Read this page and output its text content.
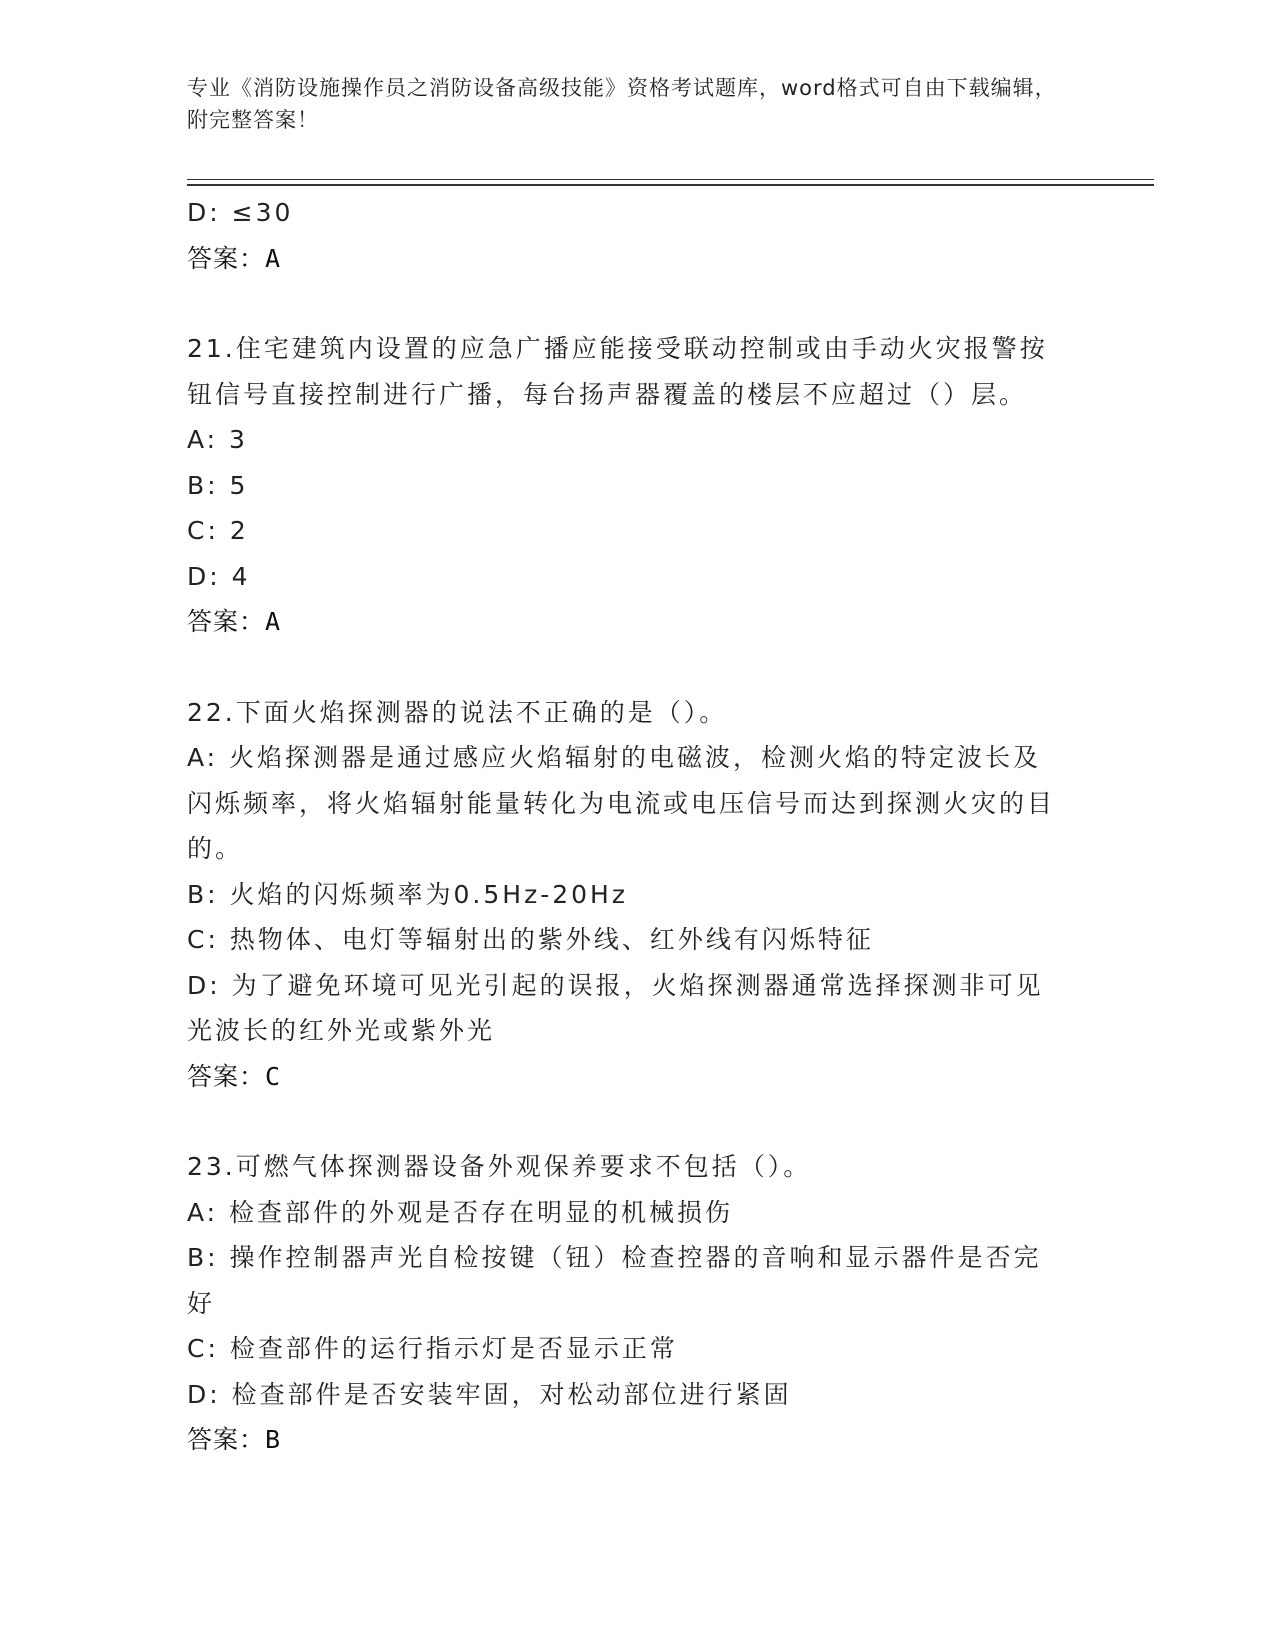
专业《消防设施操作员之消防设备高级技能》资格考试题库，word格式可自由下载编辑，附完整答案！
D: ≤30
答案：A
21.住宅建筑内设置的应急广播应能接受联动控制或由手动火灾报警按钮信号直接控制进行广播，每台扬声器覆盖的楼层不应超过（）层。
A: 3
B: 5
C: 2
D: 4
答案：A
22.下面火焰探测器的说法不正确的是（）。
A: 火焰探测器是通过感应火焰辐射的电磁波，检测火焰的特定波长及闪烁频率，将火焰辐射能量转化为电流或电压信号而达到探测火灾的目的。
B: 火焰的闪烁频率为0.5Hz-20Hz
C: 热物体、电灯等辐射出的紫外线、红外线有闪烁特征
D: 为了避免环境可见光引起的误报，火焰探测器通常选择探测非可见光波长的红外光或紫外光
答案：C
23.可燃气体探测器设备外观保养要求不包括（）。
A: 检查部件的外观是否存在明显的机械损伤
B: 操作控制器声光自检按键（钮）检查控器的音响和显示器件是否完好
C: 检查部件的运行指示灯是否显示正常
D: 检查部件是否安装牢固，对松动部位进行紧固
答案：B
